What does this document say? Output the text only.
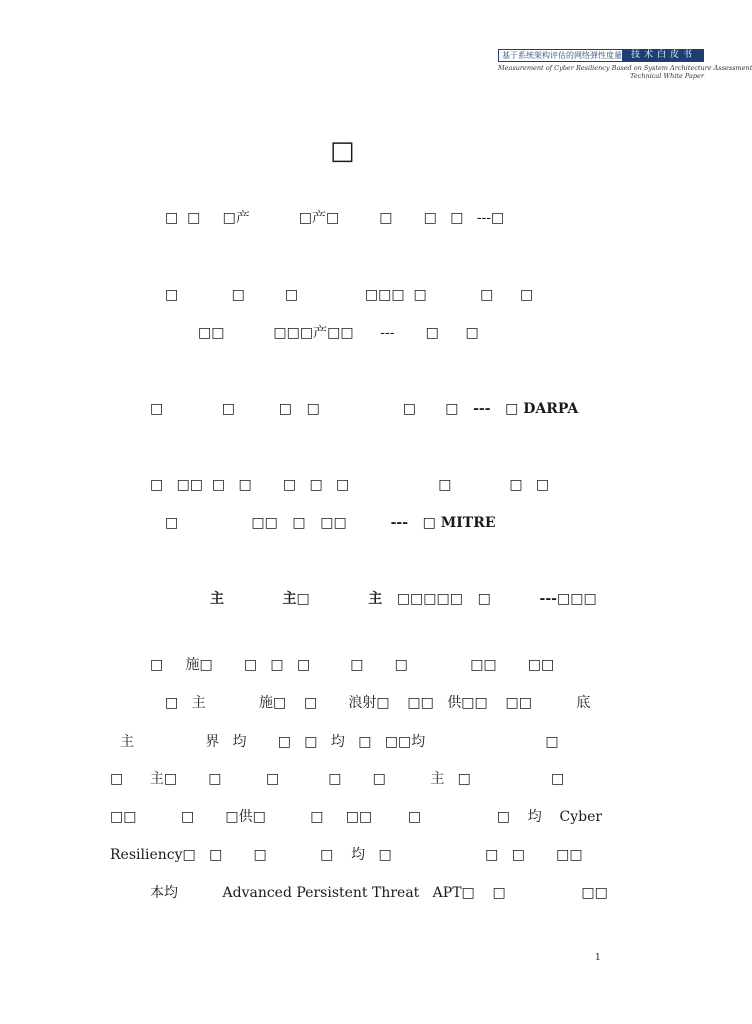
基于系统架构评估的网络弹性度量 技术白皮书
Measurement of Cyber Resiliency Based on System Architecture Assessment
Technical White Paper
□
□  □     □产           □产□         □       □   □   ---□
□            □         □               □□□  □            □      □
□□           □□□产□□      ---       □      □
□            □         □   □                 □      □   ---   □ DARPA
□   □□  □   □       □   □   □                    □             □   □
□               □□   □   □□         ---   □ MITRE
主            主□            主   □□□□□   □          ---□□□
□     施□       □   □   □         □       □              □□       □□
□   主            施□    □       浪射□    □□   供□□    □□          底
主                界   均       □   □   均   □   □□均                           □
□      主□       □          □           □       □          主   □                  □
□□          □       □供□          □     □□        □                 □    均    Cyber
Resiliency□   □       □            □    均   □                     □   □       □□
本均          Advanced Persistent Threat   APT□    □                 □□
1
